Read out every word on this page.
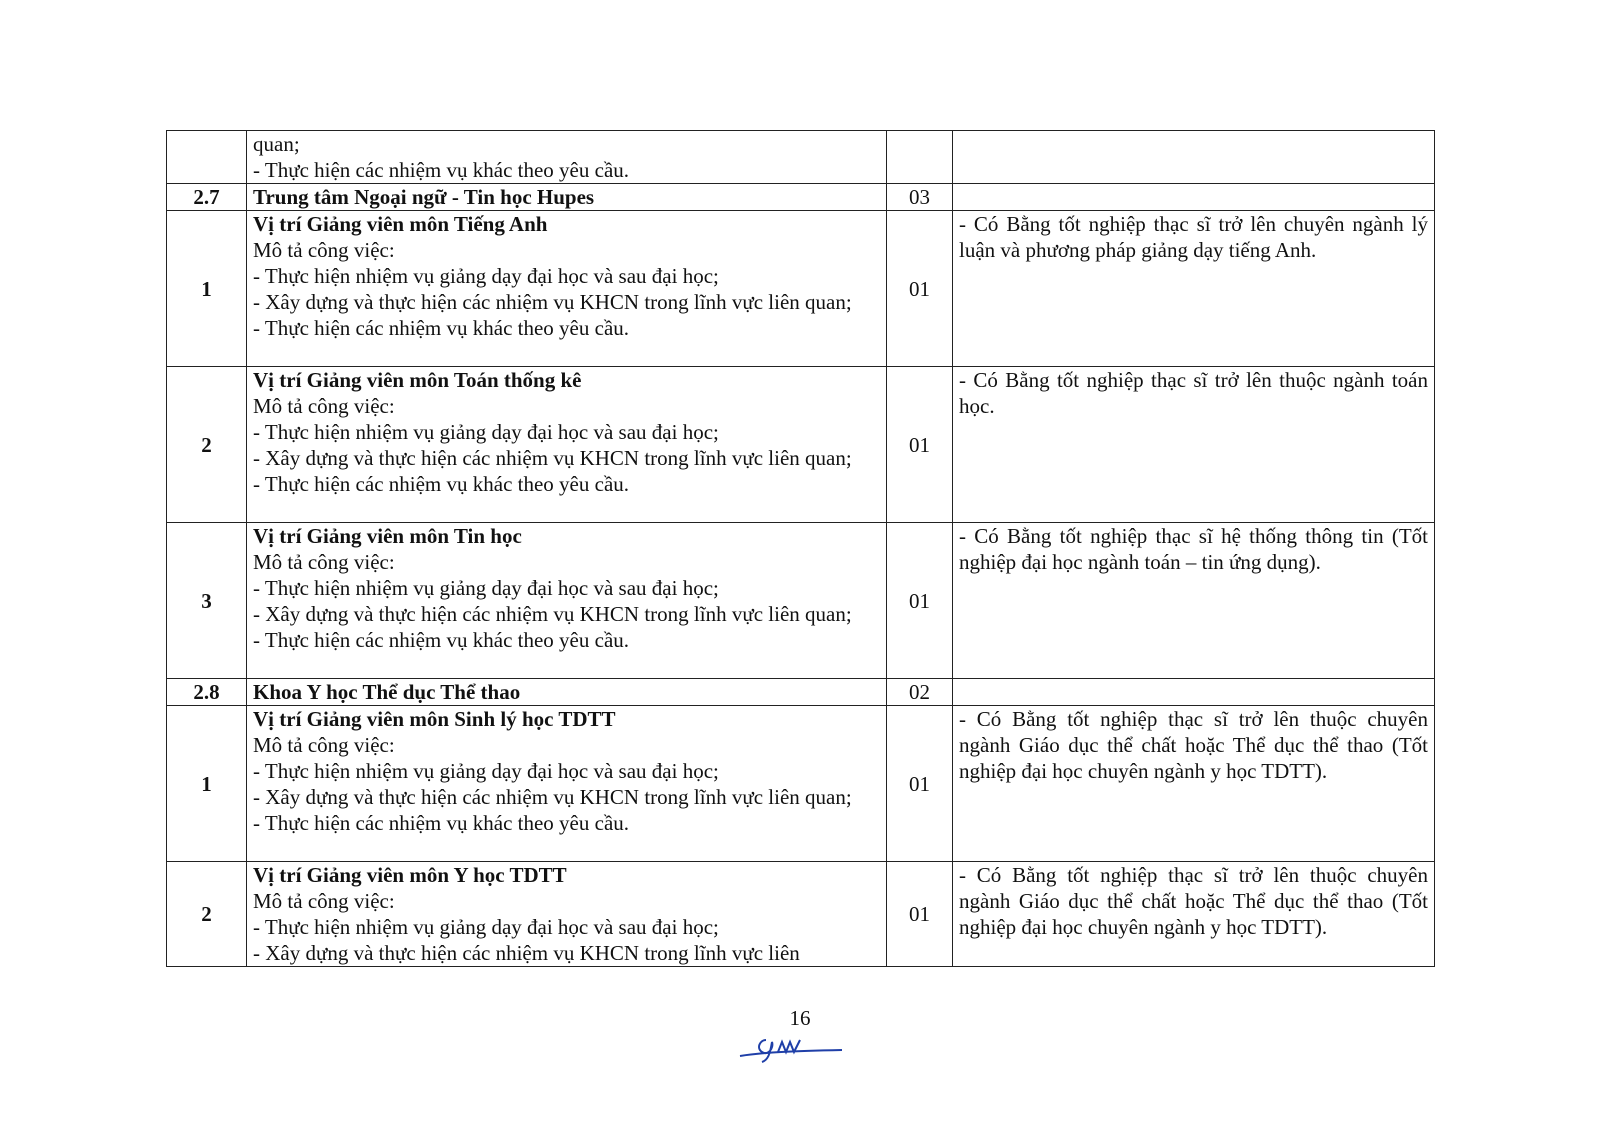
	quan;
- Thực hiện các nhiệm vụ khác theo yêu cầu.		

2.7	Trung tâm Ngoại ngữ - Tin học Hupes	03	
1	Vị trí Giảng viên môn Tiếng Anh

Mô tả công việc:

- Thực hiện nhiệm vụ giảng dạy đại học và sau đại học;

- Xây dựng và thực hiện các nhiệm vụ KHCN trong lĩnh vực liên quan;

- Thực hiện các nhiệm vụ khác theo yêu cầu.	01	- Có Bằng tốt nghiệp thạc sĩ trở lên chuyên ngành lý luận và phương pháp giảng dạy tiếng Anh.
2	Vị trí Giảng viên môn Toán thống kê

Mô tả công việc:

- Thực hiện nhiệm vụ giảng dạy đại học và sau đại học;

- Xây dựng và thực hiện các nhiệm vụ KHCN trong lĩnh vực liên quan;

- Thực hiện các nhiệm vụ khác theo yêu cầu.	01	- Có Bằng tốt nghiệp thạc sĩ trở lên thuộc ngành toán học.
3	Vị trí Giảng viên môn Tin học

Mô tả công việc:

- Thực hiện nhiệm vụ giảng dạy đại học và sau đại học;

- Xây dựng và thực hiện các nhiệm vụ KHCN trong lĩnh vực liên quan;

- Thực hiện các nhiệm vụ khác theo yêu cầu.	01	- Có Bằng tốt nghiệp thạc sĩ hệ thống thông tin (Tốt nghiệp đại học ngành toán – tin ứng dụng).
2.8	Khoa Y học Thể dục Thể thao	02	
1	Vị trí Giảng viên môn Sinh lý học TDTT

Mô tả công việc:

- Thực hiện nhiệm vụ giảng dạy đại học và sau đại học;

- Xây dựng và thực hiện các nhiệm vụ KHCN trong lĩnh vực liên quan;

- Thực hiện các nhiệm vụ khác theo yêu cầu.	01	- Có Bằng tốt nghiệp thạc sĩ trở lên thuộc chuyên ngành Giáo dục thể chất hoặc Thể dục thể thao (Tốt nghiệp đại học chuyên ngành y học TDTT).
2	Vị trí Giảng viên môn Y học TDTT

Mô tả công việc:

- Thực hiện nhiệm vụ giảng dạy đại học và sau đại học;

- Xây dựng và thực hiện các nhiệm vụ KHCN trong lĩnh vực liên	01	- Có Bằng tốt nghiệp thạc sĩ trở lên thuộc chuyên ngành Giáo dục thể chất hoặc Thể dục thể thao (Tốt nghiệp đại học chuyên ngành y học TDTT).
16
